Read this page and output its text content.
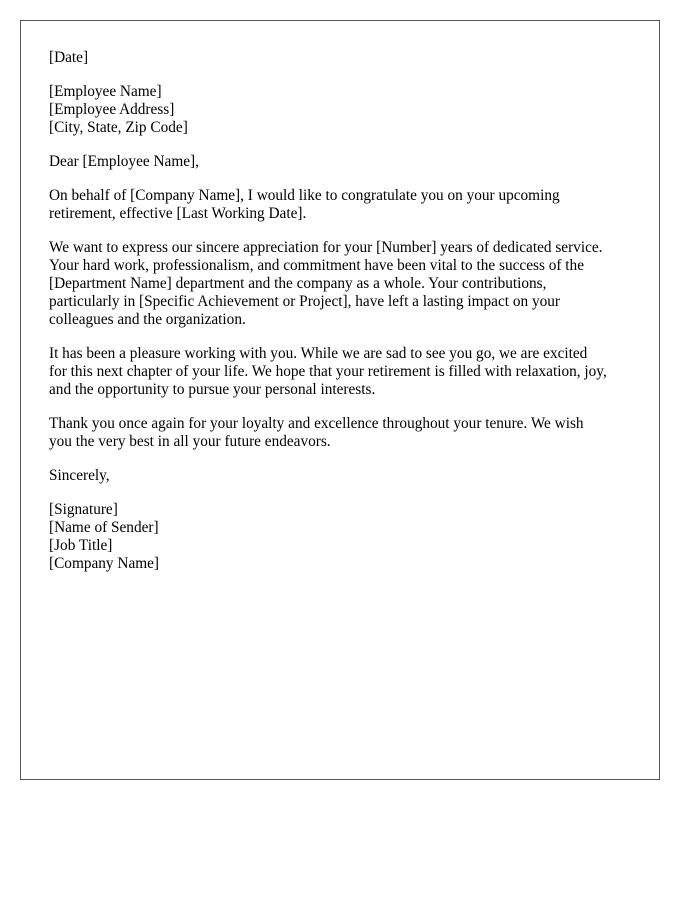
[Date]

[Employee Name]
[Employee Address]
[City, State, Zip Code]

Dear [Employee Name],

On behalf of [Company Name], I would like to congratulate you on your upcoming
retirement, effective [Last Working Date].

We want to express our sincere appreciation for your [Number] years of dedicated service.
Your hard work, professionalism, and commitment have been vital to the success of the
[Department Name] department and the company as a whole. Your contributions,
particularly in [Specific Achievement or Project], have left a lasting impact on your
colleagues and the organization.

It has been a pleasure working with you. While we are sad to see you go, we are excited
for this next chapter of your life. We hope that your retirement is filled with relaxation, joy,
and the opportunity to pursue your personal interests.

Thank you once again for your loyalty and excellence throughout your tenure. We wish
you the very best in all your future endeavors.

Sincerely,

[Signature]
[Name of Sender]
[Job Title]
[Company Name]
